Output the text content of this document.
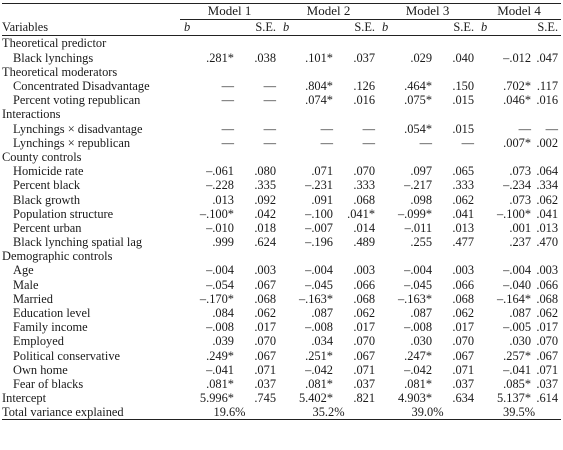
	Model 1		Model 2		Model 3		Model 4	
Variables	b	S.E.	b	S.E.	b	S.E.	b	S.E.
Theoretical predictor								
Black lynchings	.281*	.038	.101*	.037	.029	.040	–.012	.047
Theoretical moderators								
Concentrated Disadvantage	—	—	.804*	.126	.464*	.150	.702*	.117
Percent voting republican	—	—	.074*	.016	.075*	.015	.046*	.016
Interactions								
Lynchings × disadvantage	—	—	—	—	.054*	.015	—	—
Lynchings × republican	—	—	—	—	—	—	.007*	.002
County controls								
Homicide rate	–.061	.080	.071	.070	.097	.065	.073	.064
Percent black	–.228	.335	–.231	.333	–.217	.333	–.234	.334
Black growth	.013	.092	.091	.068	.098	.062	.073	.062
Population structure	–.100*	.042	–.100	.041*	–.099*	.041	–.100*	.041
Percent urban	–.010	.018	–.007	.014	–.011	.013	.001	.013
Black lynching spatial lag	.999	.624	–.196	.489	.255	.477	.237	.470
Demographic controls								
Age	–.004	.003	–.004	.003	–.004	.003	–.004	.003
Male	–.054	.067	–.045	.066	–.045	.066	–.040	.066
Married	–.170*	.068	–.163*	.068	–.163*	.068	–.164*	.068
Education level	.084	.062	.087	.062	.087	.062	.087	.062
Family income	–.008	.017	–.008	.017	–.008	.017	–.005	.017
Employed	.039	.070	.034	.070	.030	.070	.030	.070
Political conservative	.249*	.067	.251*	.067	.247*	.067	.257*	.067
Own home	–.041	.071	–.042	.071	–.042	.071	–.041	.071
Fear of blacks	.081*	.037	.081*	.037	.081*	.037	.085*	.037
Intercept	5.996*	.745	5.402*	.821	4.903*	.634	5.137*	.614
Total variance explained	19.6%		35.2%		39.0%		39.5%	
